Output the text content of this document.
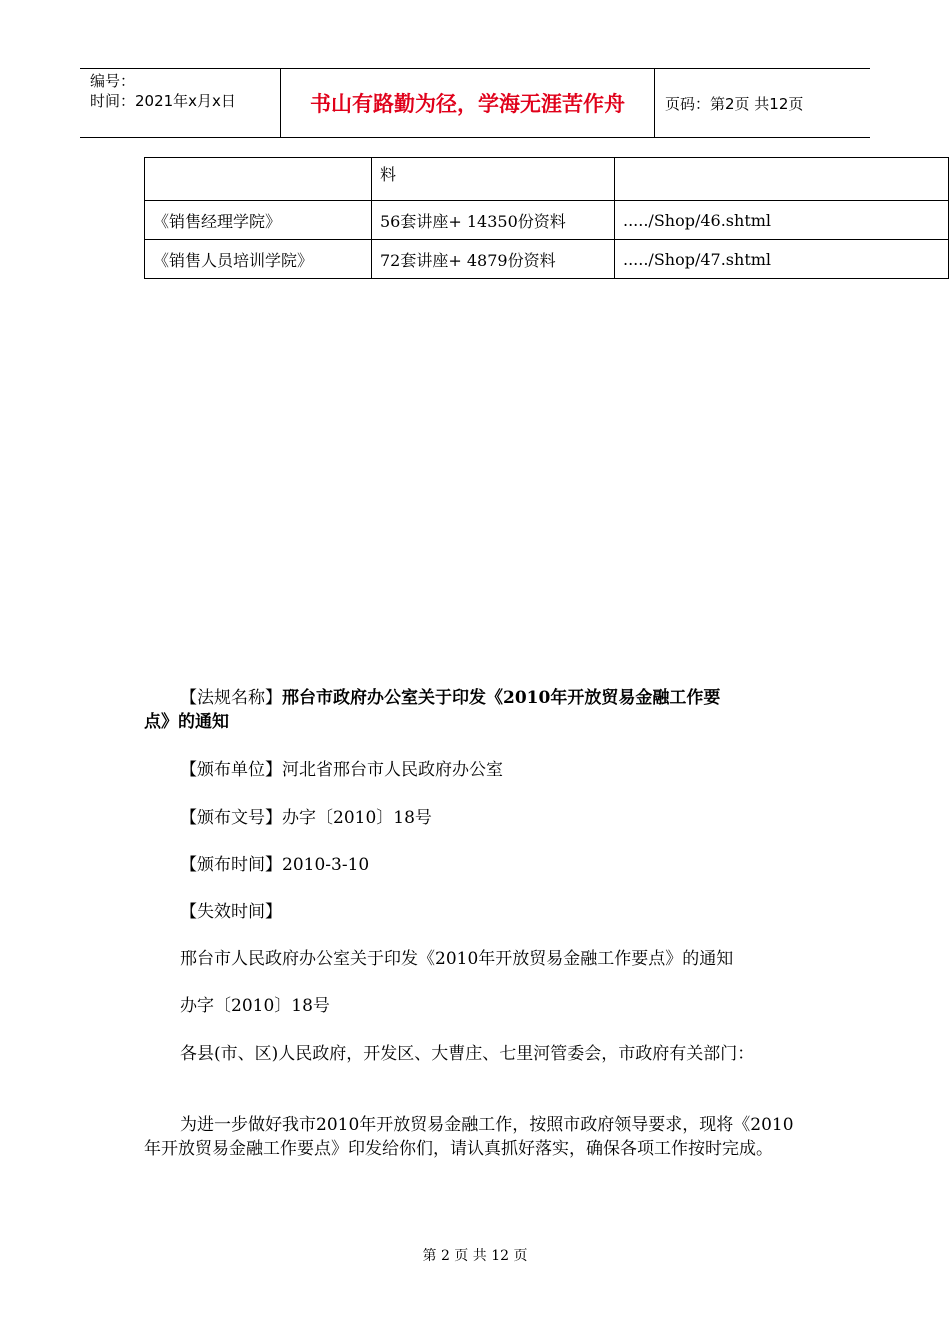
编号：
时间：2021年x月x日	书山有路勤为径，学海无涯苦作舟	页码：第2页 共12页
	料	
《销售经理学院》	56套讲座+ 14350份资料	...../Shop/46.shtml
《销售人员培训学院》	72套讲座+ 4879份资料	...../Shop/47.shtml

【法规名称】邢台市政府办公室关于印发《2010年开放贸易金融工作要

点》的通知

【颁布单位】河北省邢台市人民政府办公室
【颁布文号】办字〔2010〕18号
【颁布时间】2010-3-10
【失效时间】
邢台市人民政府办公室关于印发《2010年开放贸易金融工作要点》的通知
办字〔2010〕18号
各县(市、区)人民政府，开发区、大曹庄、七里河管委会，市政府有关部门：
为进一步做好我市2010年开放贸易金融工作，按照市政府领导要求，现将《2010年开放贸易金融工作要点》印发给你们，请认真抓好落实，确保各项工作按时完成。
第 2 页 共 12 页
